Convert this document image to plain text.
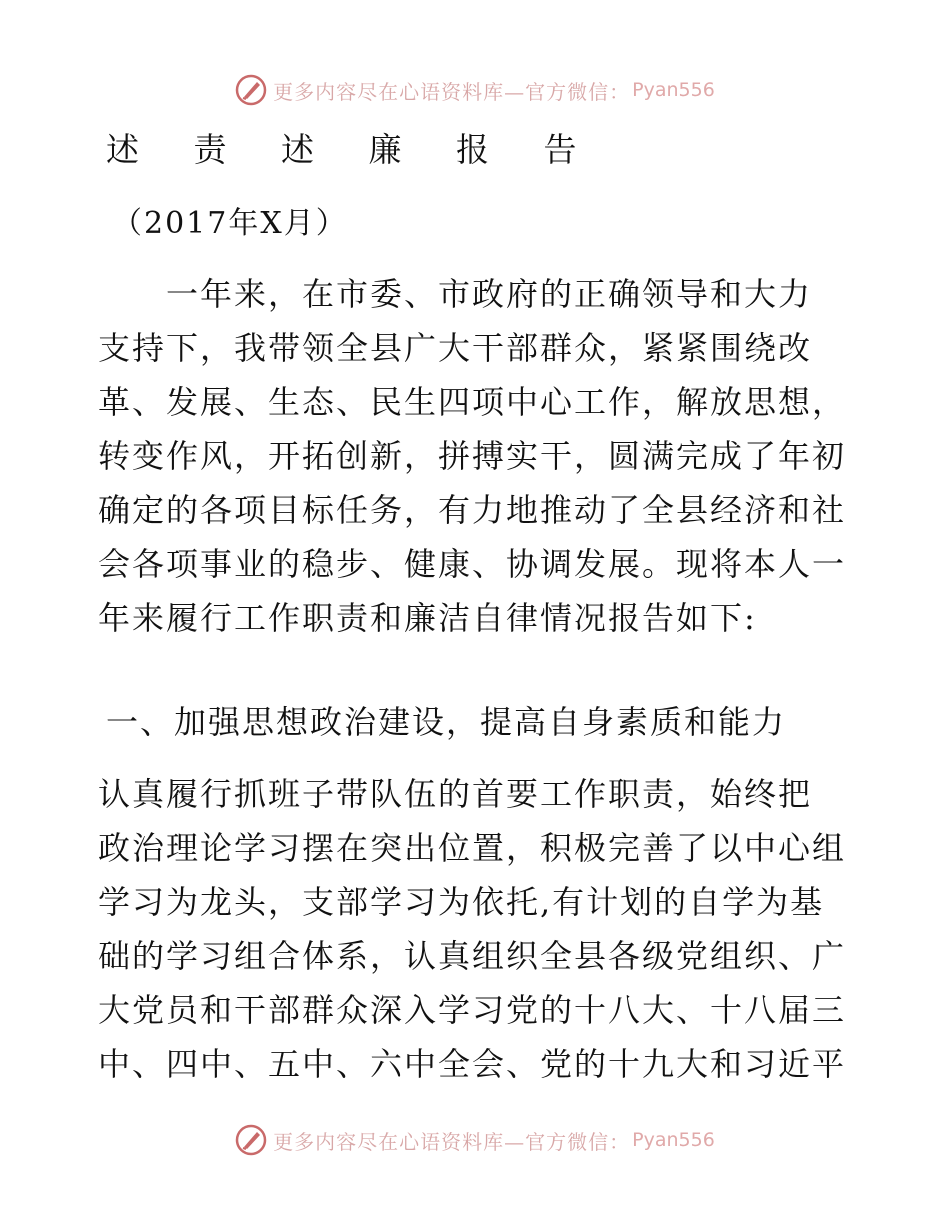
更多内容尽在心语资料库—官方微信： Pyan556
述 责 述 廉 报 告
（2017年X月）
　　一年来，在市委、市政府的正确领导和大力
支持下，我带领全县广大干部群众，紧紧围绕改
革、发展、生态、民生四项中心工作，解放思想，
转变作风，开拓创新，拼搏实干，圆满完成了年初
确定的各项目标任务，有力地推动了全县经济和社
会各项事业的稳步、健康、协调发展。现将本人一
年来履行工作职责和廉洁自律情况报告如下:
一、加强思想政治建设，提高自身素质和能力
认真履行抓班子带队伍的首要工作职责，始终把
政治理论学习摆在突出位置，积极完善了以中心组
学习为龙头，支部学习为依托,有计划的自学为基
础的学习组合体系，认真组织全县各级党组织、广
大党员和干部群众深入学习党的十八大、十八届三
中、四中、五中、六中全会、党的十九大和习近平
更多内容尽在心语资料库—官方微信： Pyan556
